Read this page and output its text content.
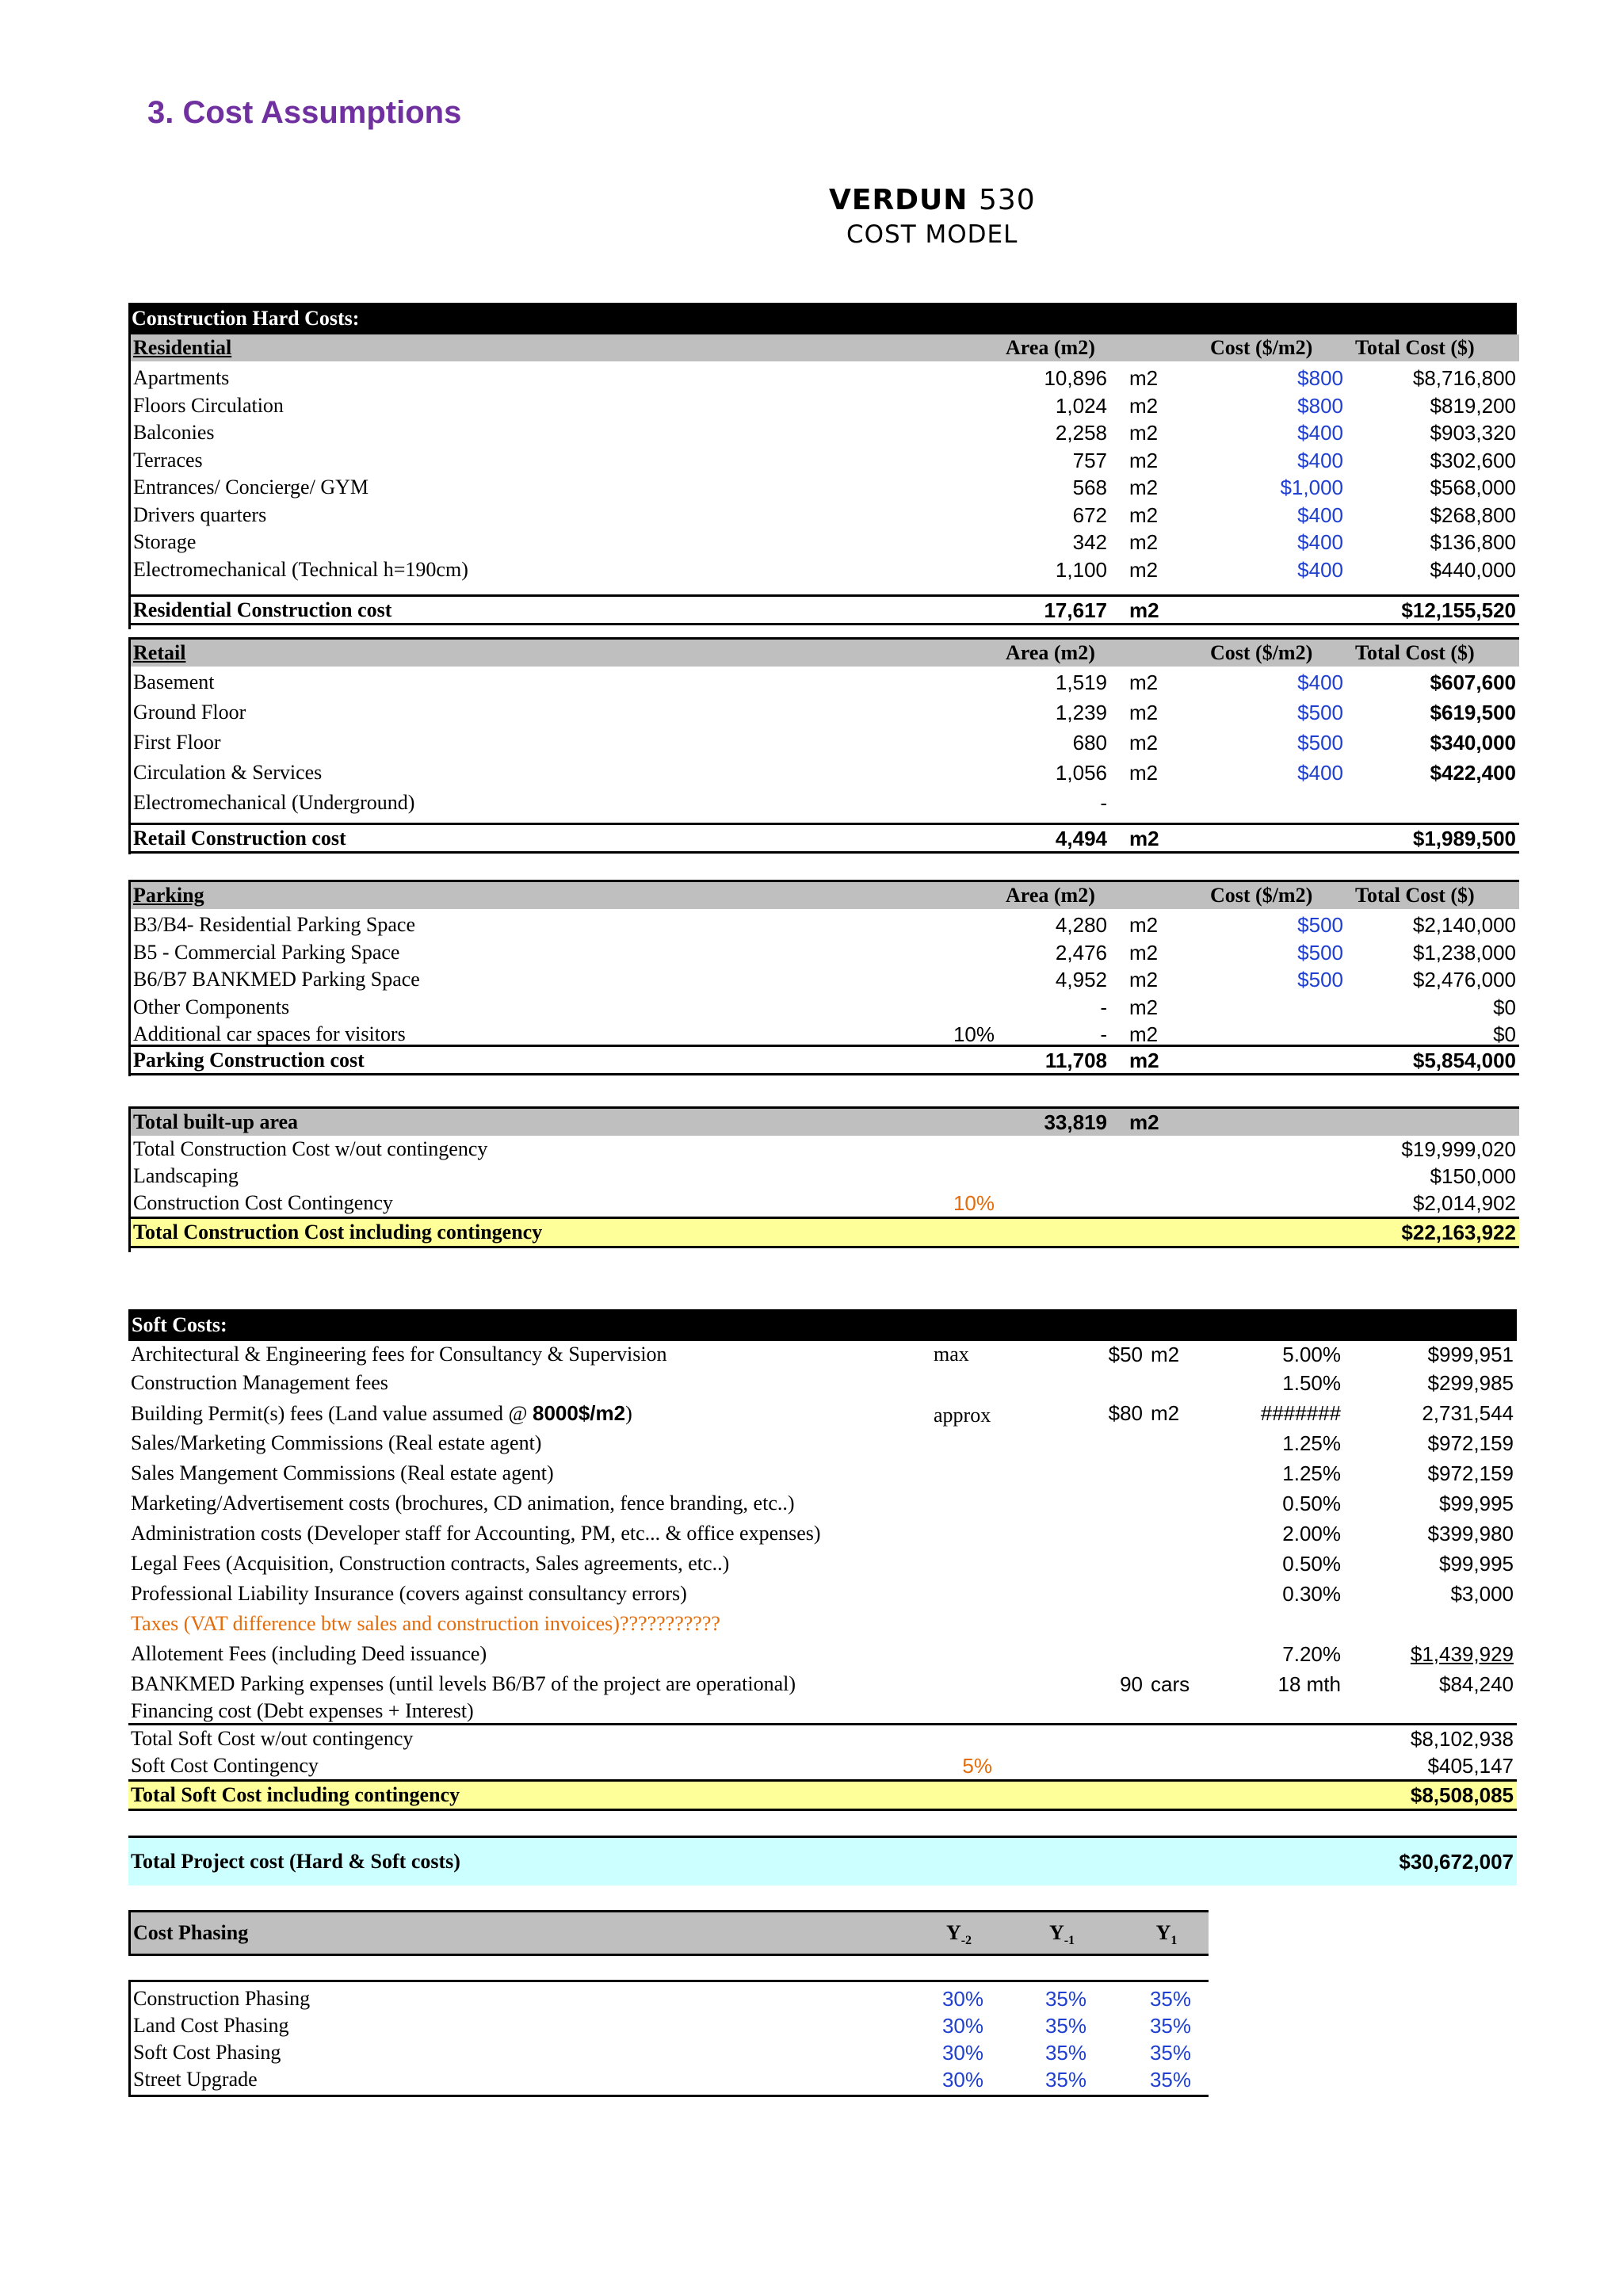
3. Cost Assumptions
VERDUN 530
COST MODEL
Construction Hard Costs:
Residential	Area (m2)	Cost ($/m2) Total Cost ($)
Apartments	10,896 m2	$800	$8,716,800
Floors Circulation	1,024 m2	$800	$819,200
Balconies	2,258 m2	$400	$903,320
Terraces	757 m2	$400	$302,600
Entrances/ Concierge/ GYM	568 m2	$1,000	$568,000
Drivers quarters	672 m2	$400	$268,800
Storage	342 m2	$400	$136,800
Electromechanical (Technical h=190cm)	1,100 m2	$400	$440,000
Residential Construction cost	17,617 m2	$12,155,520
Retail	Area (m2)	Cost ($/m2) Total Cost ($)
Basement	1,519 m2	$400	$607,600
Ground Floor	1,239 m2	$500	$619,500
First Floor	680 m2	$500	$340,000
Circulation & Services	1,056 m2	$400	$422,400
Electromechanical (Underground)	-
Retail Construction cost	4,494 m2	$1,989,500
Parking	Area (m2)	Cost ($/m2) Total Cost ($)
B3/B4- Residential Parking Space	4,280 m2	$500	$2,140,000
B5 - Commercial Parking Space	2,476 m2	$500	$1,238,000
B6/B7 BANKMED Parking Space	4,952 m2	$500	$2,476,000
Other Components	- m2	$0
Additional car spaces for visitors	10%	- m2	$0
Parking Construction cost	11,708 m2	$5,854,000
Total built-up area	33,819 m2
Total Construction Cost w/out contingency	$19,999,020
Landscaping	$150,000
Construction Cost Contingency	10%	$2,014,902
Total Construction Cost including contingency	$22,163,922
Soft Costs:
Architectural & Engineering fees for Consultancy & Supervision	max	$50 m2	5.00%	$999,951
Construction Management fees	1.50%	$299,985
Building Permit(s) fees (Land value assumed @ 8000$/m2)	approx	$80 m2	#######	2,731,544
Sales/Marketing Commissions (Real estate agent)	1.25%	$972,159
Sales Mangement Commissions (Real estate agent)	1.25%	$972,159
Marketing/Advertisement costs (brochures, CD animation, fence branding, etc..)	0.50%	$99,995
Administration costs (Developer staff for Accounting, PM, etc... & office expenses)	2.00%	$399,980
Legal Fees (Acquisition, Construction contracts, Sales agreements, etc..)	0.50%	$99,995
Professional Liability Insurance (covers against consultancy errors)	0.30%	$3,000
Taxes (VAT difference btw sales and construction invoices)???????????
Allotement Fees (including Deed issuance)	7.20%	$1,439,929
BANKMED Parking expenses (until levels B6/B7 of the project are operational)	90 cars	18 mth	$84,240
Financing cost (Debt expenses + Interest)
Total Soft Cost w/out contingency	$8,102,938
Soft Cost Contingency	5%	$405,147
Total Soft Cost including contingency	$8,508,085
Total Project cost (Hard & Soft costs)	$30,672,007
Cost Phasing	$Y_{-2}$	$Y_{-1}$	$Y_1$
Construction Phasing	30%	35%	35%
Land Cost Phasing	30%	35%	35%
Soft Cost Phasing	30%	35%	35%
Street Upgrade	30%	35%	35%
